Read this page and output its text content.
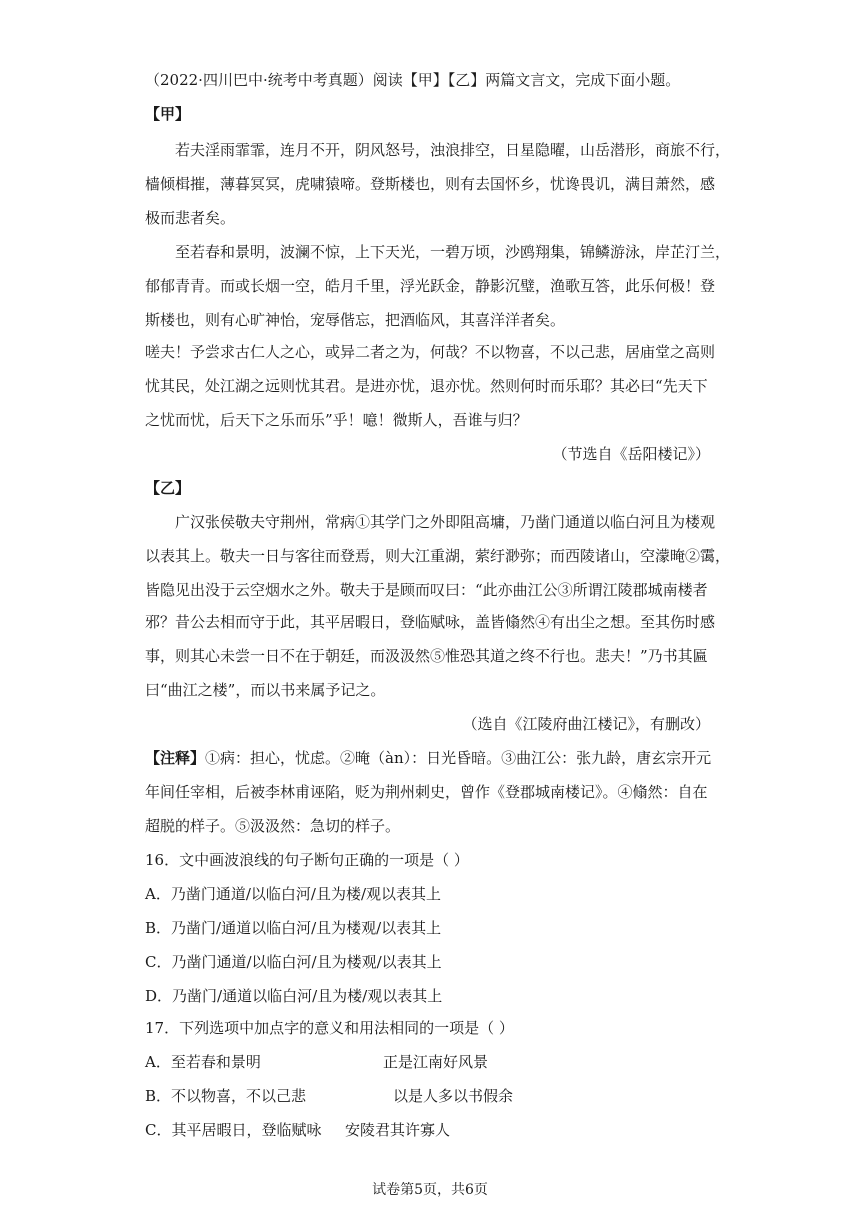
（2022·四川巴中·统考中考真题）阅读【甲】【乙】两篇文言文，完成下面小题。
【甲】
若夫淫雨霏霏，连月不开，阴风怒号，浊浪排空，日星隐曜，山岳潜形，商旅不行，
樯倾楫摧，薄暮冥冥，虎啸猿啼。登斯楼也，则有去国怀乡，忧谗畏讥，满目萧然，感
极而悲者矣。
至若春和景明，波澜不惊，上下天光，一碧万顷，沙鸥翔集，锦鳞游泳，岸芷汀兰，
郁郁青青。而或长烟一空，皓月千里，浮光跃金，静影沉璧，渔歌互答，此乐何极！登
斯楼也，则有心旷神怡，宠辱偕忘，把酒临风，其喜洋洋者矣。
嗟夫！予尝求古仁人之心，或异二者之为，何哉？不以物喜，不以己悲，居庙堂之高则
忧其民，处江湖之远则忧其君。是进亦忧，退亦忧。然则何时而乐耶？其必曰“先天下
之忧而忧，后天下之乐而乐”乎！噫！微斯人，吾谁与归？
（节选自《岳阳楼记》）
【乙】
广汉张侯敬夫守荆州，常病①其学门之外即阻高墉，乃凿门通道以临白河且为楼观
以表其上。敬夫一日与客往而登焉，则大江重湖，萦纡渺弥；而西陵诸山，空濛晻②霭，
皆隐见出没于云空烟水之外。敬夫于是顾而叹曰：“此亦曲江公③所谓江陵郡城南楼者
邪？昔公去相而守于此，其平居暇日，登临赋咏，盖皆翛然④有出尘之想。至其伤时感
事，则其心未尝一日不在于朝廷，而汲汲然⑤惟恐其道之终不行也。悲夫！”乃书其匾
曰“曲江之楼”，而以书来属予记之。
（选自《江陵府曲江楼记》，有删改）
【注释】①病：担心，忧虑。②晻（àn）：日光昏暗。③曲江公：张九龄，唐玄宗开元
年间任宰相，后被李林甫诬陷，贬为荆州刺史，曾作《登郡城南楼记》。④翛然：自在
超脱的样子。⑤汲汲然：急切的样子。
16．文中画波浪线的句子断句正确的一项是（ ）
A．乃凿门通道/以临白河/且为楼/观以表其上
B．乃凿门/通道以临白河/且为楼观/以表其上
C．乃凿门通道/以临白河/且为楼观/以表其上
D．乃凿门/通道以临白河/且为楼/观以表其上
17．下列选项中加点字的意义和用法相同的一项是（ ）
A．至若春和景明	正是江南好风景
B．不以物喜，不以己悲	以是人多以书假余
C．其平居暇日，登临赋咏	安陵君其许寡人
试卷第5页，共6页
